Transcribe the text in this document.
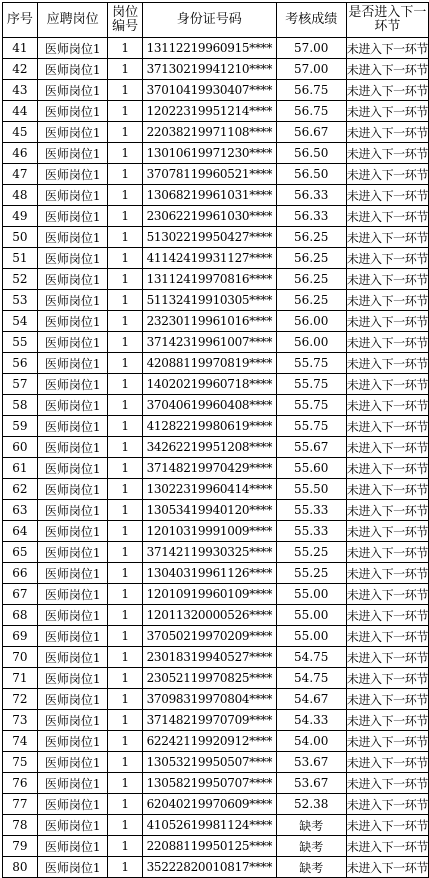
序号	应聘岗位	岗位编号	身份证号码	考核成绩	是否进入下一环节
41	医师岗位1	1	13112219960915****	57.00	未进入下一环节
42	医师岗位1	1	37130219941210****	57.00	未进入下一环节
43	医师岗位1	1	37010419930407****	56.75	未进入下一环节
44	医师岗位1	1	12022319951214****	56.75	未进入下一环节
45	医师岗位1	1	22038219971108****	56.67	未进入下一环节
46	医师岗位1	1	13010619971230****	56.50	未进入下一环节
47	医师岗位1	1	37078119960521****	56.50	未进入下一环节
48	医师岗位1	1	13068219961031****	56.33	未进入下一环节
49	医师岗位1	1	23062219961030****	56.33	未进入下一环节
50	医师岗位1	1	51302219950427****	56.25	未进入下一环节
51	医师岗位1	1	41142419931127****	56.25	未进入下一环节
52	医师岗位1	1	13112419970816****	56.25	未进入下一环节
53	医师岗位1	1	51132419910305****	56.25	未进入下一环节
54	医师岗位1	1	23230119961016****	56.00	未进入下一环节
55	医师岗位1	1	37142319961007****	56.00	未进入下一环节
56	医师岗位1	1	42088119970819****	55.75	未进入下一环节
57	医师岗位1	1	14020219960718****	55.75	未进入下一环节
58	医师岗位1	1	37040619960408****	55.75	未进入下一环节
59	医师岗位1	1	41282219980619****	55.75	未进入下一环节
60	医师岗位1	1	34262219951208****	55.67	未进入下一环节
61	医师岗位1	1	37148219970429****	55.60	未进入下一环节
62	医师岗位1	1	13022319960414****	55.50	未进入下一环节
63	医师岗位1	1	13053419940120****	55.33	未进入下一环节
64	医师岗位1	1	12010319991009****	55.33	未进入下一环节
65	医师岗位1	1	37142119930325****	55.25	未进入下一环节
66	医师岗位1	1	13040319961126****	55.25	未进入下一环节
67	医师岗位1	1	12010919960109****	55.00	未进入下一环节
68	医师岗位1	1	12011320000526****	55.00	未进入下一环节
69	医师岗位1	1	37050219970209****	55.00	未进入下一环节
70	医师岗位1	1	23018319940527****	54.75	未进入下一环节
71	医师岗位1	1	23052119970825****	54.75	未进入下一环节
72	医师岗位1	1	37098319970804****	54.67	未进入下一环节
73	医师岗位1	1	37148219970709****	54.33	未进入下一环节
74	医师岗位1	1	62242119920912****	54.00	未进入下一环节
75	医师岗位1	1	13053219950507****	53.67	未进入下一环节
76	医师岗位1	1	13058219950707****	53.67	未进入下一环节
77	医师岗位1	1	62040219970609****	52.38	未进入下一环节
78	医师岗位1	1	41052619981124****	缺考	未进入下一环节
79	医师岗位1	1	22088119950125****	缺考	未进入下一环节
80	医师岗位1	1	35222820010817****	缺考	未进入下一环节
